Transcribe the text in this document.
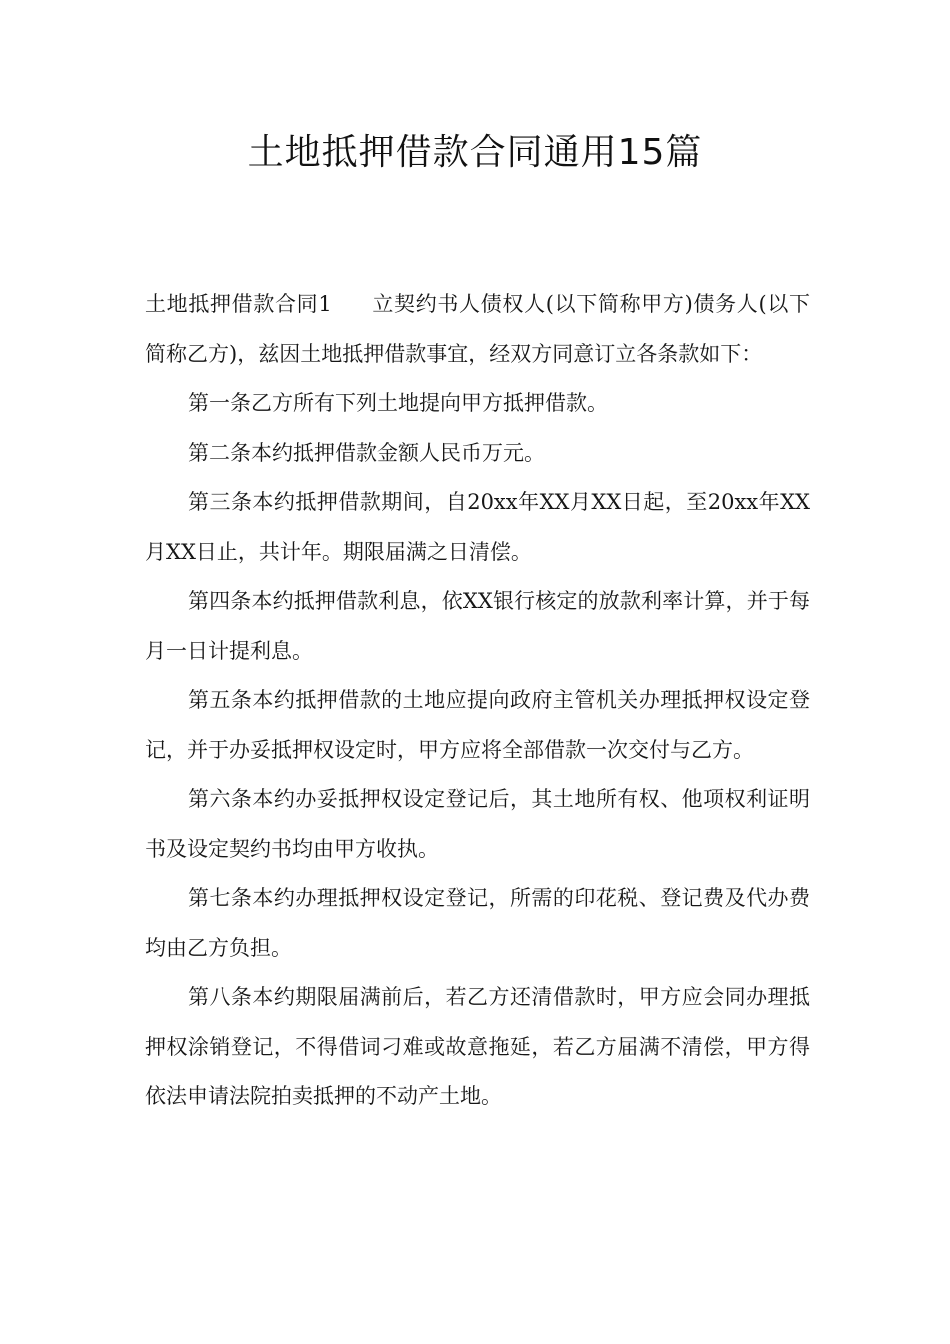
土地抵押借款合同通用15篇

土地抵押借款合同1 立契约书人债权人(以下简称甲方)债务人(以下简称乙方)，兹因土地抵押借款事宜，经双方同意订立各条款如下：

第一条乙方所有下列土地提向甲方抵押借款。

第二条本约抵押借款金额人民币万元。

第三条本约抵押借款期间，自20xx年XX月XX日起，至20xx年XX月XX日止，共计年。期限届满之日清偿。

第四条本约抵押借款利息，依XX银行核定的放款利率计算，并于每月一日计提利息。

第五条本约抵押借款的土地应提向政府主管机关办理抵押权设定登记，并于办妥抵押权设定时，甲方应将全部借款一次交付与乙方。

第六条本约办妥抵押权设定登记后，其土地所有权、他项权利证明书及设定契约书均由甲方收执。

第七条本约办理抵押权设定登记，所需的印花税、登记费及代办费均由乙方负担。

第八条本约期限届满前后，若乙方还清借款时，甲方应会同办理抵押权涂销登记，不得借词刁难或故意拖延，若乙方届满不清偿，甲方得依法申请法院拍卖抵押的不动产土地。
